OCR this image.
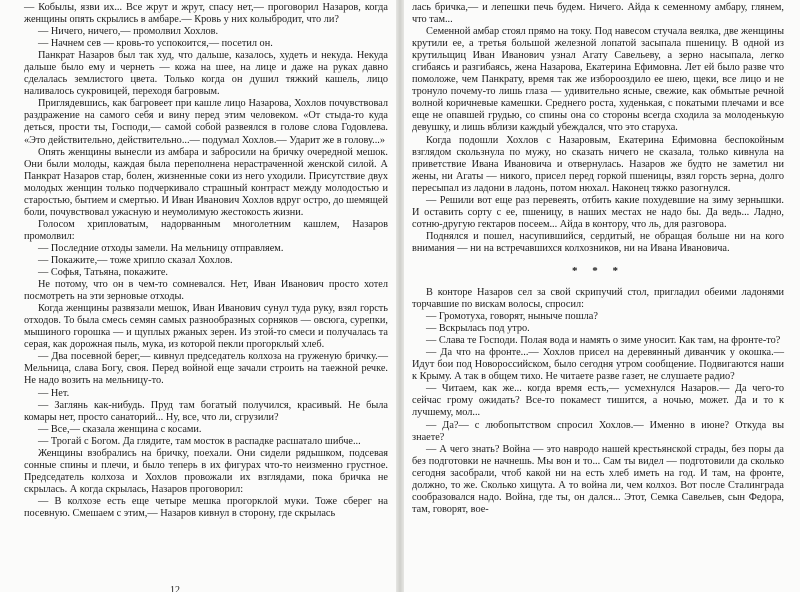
— Кобылы, язви их... Все жрут и жрут, спасу нет,— проговорил Назаров, когда женщины опять скрылись в амбаре.— Кровь у них колыбродит, что ли?

— Ничего, ничего,— промолвил Хохлов.

— Начнем сев — кровь-то успокоится,— посетил он.

Панкрат Назаров был так худ, что дальше, казалось, худеть и некуда. Некуда дальше было ему и чернеть — кожа на шее, на лице и даже на руках давно сделалась землистого цвета. Только когда он душил тяжкий кашель, лицо наливалось сукровицей, переходя багровым.

Приглядевшись, как багровеет при кашле лицо Назарова, Хохлов почувствовал раздражение на самого себя и вину перед этим человеком. «От стыда-то куда деться, прости ты, Господи,— самой собой развеялся в голове слова Годовлева. «Это действительно, действительно...— подумал Хохлов.— Ударит же в голову...»

Опять женщины вынесли из амбара и забросили на бричку очередной мешок. Они были молоды, каждая была переполнена нерастраченной женской силой. А Панкрат Назаров стар, болен, жизненные соки из него уходили. Присутствие двух молодых женщин только подчеркивало страшный контраст между молодостью и старостью, бытием и смертью. И Иван Иванович Хохлов вдруг остро, до шемящей боли, почувствовал ужасную и неумолимую жестокость жизни.

Голосом хрипловатым, надорванным многолетним кашлем, Назаров промолвил:

— Последние отходы замели. На мельницу отправляем.

— Покажите,— тоже хрипло сказал Хохлов.

— Софья, Татьяна, покажите.

Не потому, что он в чем-то сомневался. Нет, Иван Иванович просто хотел посмотреть на эти зерновые отходы.

Когда женщины развязали мешок, Иван Иванович сунул туда руку, взял горсть отходов. То была смесь семян самых разнообразных сорняков — овсюга, сурепки, мышиного горошка — и щуплых ржаных зерен. Из этой-то смеси и получалась та серая, как дорожная пыль, мука, из которой пекли прогорклый хлеб.

— Два посевной берег,— кивнул председатель колхоза на груженую бричку.— Мельница, слава Богу, своя. Перед войной еще зачали строить на таежной речке. Не надо возить на мельницу-то.

— Нет.

— Заглянь как-нибудь. Пруд там богатый получился, красивый. Не была комары нет, просто санаторий... Ну, все, что ли, сгрузили?

— Все,— сказала женщина с косами.

— Трогай с Богом. Да глядите, там мосток в распадке расшатало шибче...

Женщины взобрались на бричку, поехали. Они сидели рядышком, подсевая сонные спины и плечи, и было теперь в их фигурах что-то неизменно грустное. Председатель колхоза и Хохлов провожали их взглядами, пока бричка не скрылась. А когда скрылась, Назаров проговорил:

— В колхозе есть еще четыре мешка прогорклой муки. Тоже сберег на посевную. Смешаем с этим,— Назаров кивнул в сторону, где скрылась

12

лась бричка,— и лепешки печь будем. Ничего. Айда к семенному амбару, глянем, что там...

Семенной амбар стоял прямо на току. Под навесом стучала веялка, две женщины крутили ее, а третья большой железной лопатой засыпала пшеницу. В одной из крутильщиц Иван Иванович узнал Агату Савельеву, а зерно насыпала, легко сгибаясь и разгибаясь, жена Назарова, Екатерина Ефимовна. Лет ей было разве что помоложе, чем Панкрату, время так же изборооздило ее шею, щеки, все лицо и не тронуло почему-то лишь глаза — удивительно ясные, свежие, как обмытые речной волной коричневые камешки. Среднего роста, худенькая, с покатыми плечами и все еще не опавшей грудью, со спины она со стороны всегда сходила за молоденькую девушку, и лишь вблизи каждый убеждался, что это старуха.

Когда подошли Хохлов с Назаровым, Екатерина Ефимовна беспокойным взглядом скользнула по мужу, но сказать ничего не сказала, только кивнула на приветствие Ивана Ивановича и отвернулась. Назаров же будто не заметил ни жены, ни Агаты — никого, присел перед горкой пшеницы, взял горсть зерна, долго пересыпал из ладони в ладонь, потом нюхал. Наконец тяжко разогнулся.

— Решили вот еще раз перевеять, отбить какие похудевшие на зиму зернышки. И оставить сорту с ее, пшеницу, в наших местах не надо бы. Да ведь... Ладно, сотню-другую гектаров посеем... Айда в контору, что ль, для разговора.

Поднялся и пошел, насупившийся, сердитый, не обращая больше ни на кого внимания — ни на встречавшихся колхозников, ни на Ивана Ивановича.

* * *

В конторе Назаров сел за свой скрипучий стол, пригладил обеими ладонями торчавшие по вискам волосы, спросил:

— Громотуха, говорят, ныныче пошла?

— Вскрылась под утро.

— Слава те Господи. Полая вода и намять о зиме уносит. Как там, на фронте-то?

— Да что на фронте...— Хохлов присел на деревянный диванчик у окошка.— Идут бои под Новороссийском, было сегодня утром сообщение. Подвигаются наши к Крыму. А так в общем тихо. Не читаете разве газет, не слушаете радио?

— Читаем, как же... когда время есть,— усмехнулся Назаров.— Да чего-то сейчас грому ожидать? Все-то покамест тишится, а ночью, может. Да и то к лучшему, мол...

— Да?— с любопытством спросил Хохлов.— Именно в июне? Откуда вы знаете?

— А чего знать? Война — это навродо нашей крестьянской страды, без поры да без подготовки не начнешь. Мы вон и то... Сам ты видел — подготовили да сколько сегодня засобрали, чтоб какой ни на есть хлеб иметь на год. И там, на фронте, должно, то же. Сколько хищута. А то война ли, чем колхоз. Вот после Сталинграда сообразовался надо. Война, где ты, он дался... Этот, Семка Савельев, сын Федора, там, говорят, вое-
